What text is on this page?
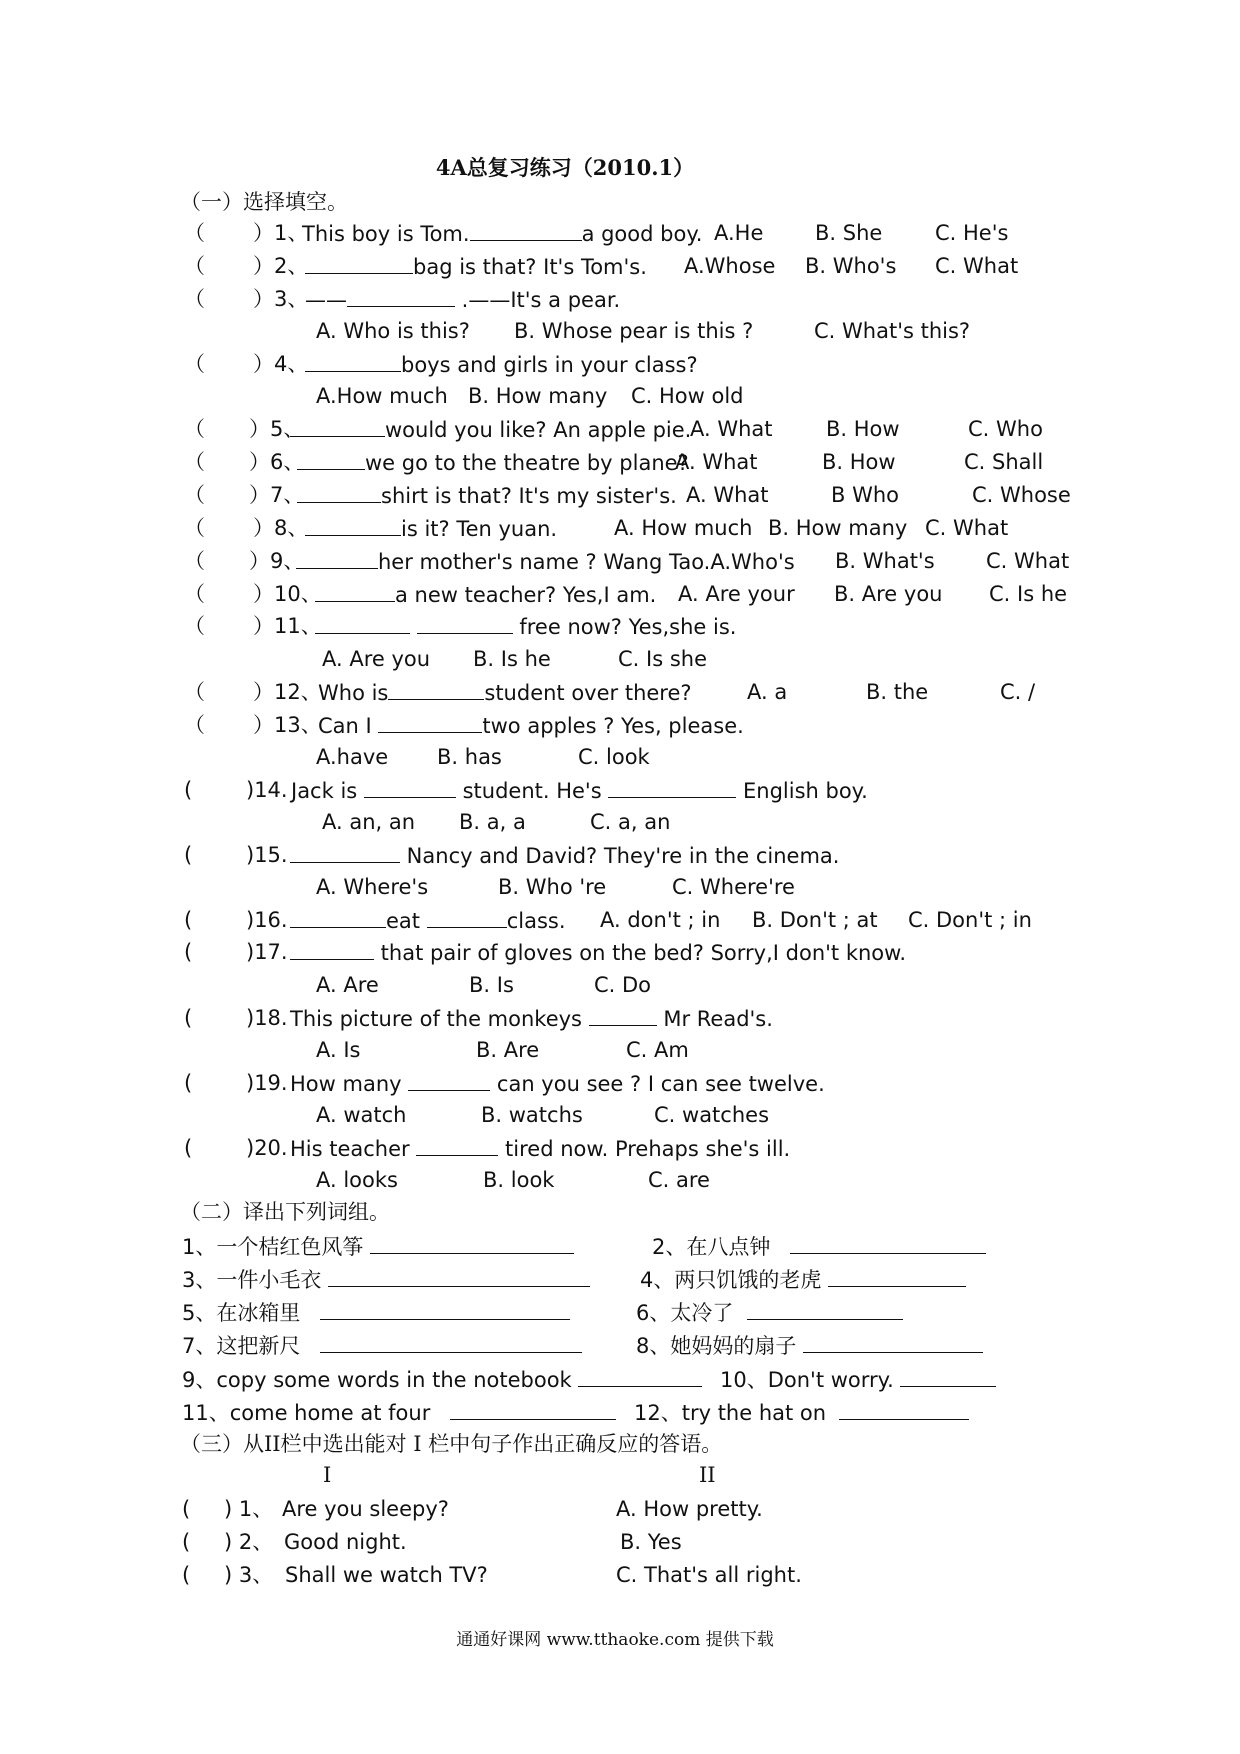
4A总复习练习（2010.1）
（一）选择填空。
（ ）1、
This boy is Tom.	a good boy. A.He B. She	C. He's
（ ）2、	bag is that? It's Tom's. A.Whose B. Who's C. What
（ ）3、
——	.——It's a pear.
A. Who is this? B. Whose pear is this ?	C. What's this?
（ ）4、	boys and girls in your class?
A.How much B. How many C. How old
（ ）5、	would you like? An apple pie.
A. What	B. How	C. Who
（ ）6、	we go to the theatre by plane?
A. What	B. How	C. Shall
（ ）7、	shirt is that? It's my sister's. A. What	B Who	C. Whose
（ ）8、	is it? Ten yuan.	A. How much B. How many C. What
（ ）9、	her mother's name ? Wang Tao.A.Who's B. What's C. What
（ ）10、	a new teacher? Yes,I am. A. Are your B. Are you C. Is he
（ ）11、	free now? Yes,she is.
A. Are you B. Is he	C. Is she
（ ）12、
Who is	student over there?	A. a	B. the	C. /
（ ）13、
Can I	two apples ? Yes, please.
A.have B. has	C. look
(	)14. Jack is	student. He's	English boy.
A. an, an B. a, a	C. a, an
(	)15.	Nancy and David? They're in the cinema.
A. Where's	B. Who 're	C. Where're
(	)16.	eat	class. A. don't ; in B. Don't ; at C. Don't ; in
(	)17.	that pair of gloves on the bed? Sorry,I don't know.
A. Are	B. Is	C. Do
(	)18. This picture of the monkeys	Mr Read's.
A. Is	B. Are	C. Am
(	)19. How many	can you see ? I can see twelve.
A. watch	B. watchs	C. watches
(	)20. His teacher	tired now. Prehaps she's ill.
A. looks	B. look	C. are
（二）译出下列词组。
1、一个桔红色风筝	2、在八点钟
3、一件小毛衣	4、两只饥饿的老虎
5、在冰箱里	6、太冷了
7、这把新尺	8、她妈妈的扇子
9、copy some words in the notebook	10、Don't worry.
11、come home at four	12、try the hat on
（三）从II栏中选出能对 I 栏中句子作出正确反应的答语。
I	II
( ) 1、 Are you sleepy?	A. How pretty.
( ) 2、 Good night.	B. Yes
( ) 3、 Shall we watch TV?	C. That's all right.
通通好课网 www.tthaoke.com 提供下载
